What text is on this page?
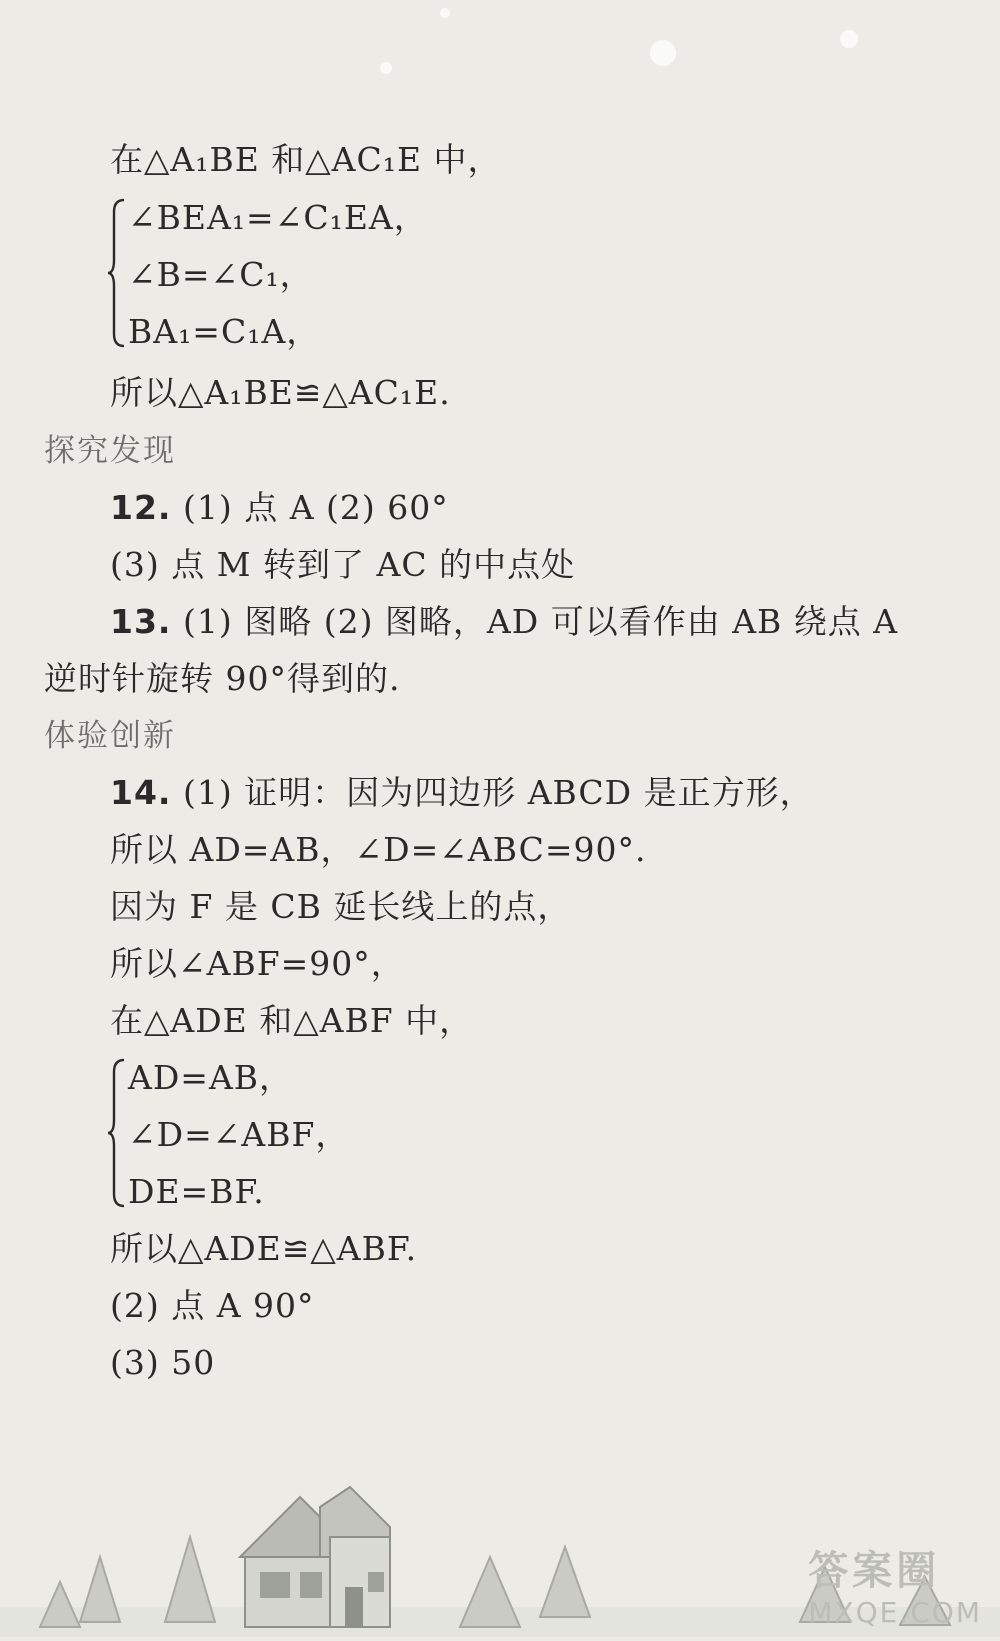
在△A₁BE 和△AC₁E 中，
∠BEA₁=∠C₁EA，
∠B=∠C₁，
BA₁=C₁A，
所以△A₁BE≌△AC₁E.
探究发现
12. (1) 点 A (2) 60°
(3) 点 M 转到了 AC 的中点处
13. (1) 图略 (2) 图略，AD 可以看作由 AB 绕点 A
逆时针旋转 90°得到的.
体验创新
14. (1) 证明：因为四边形 ABCD 是正方形，
所以 AD=AB，∠D=∠ABC=90°.
因为 F 是 CB 延长线上的点，
所以∠ABF=90°，
在△ADE 和△ABF 中，
AD=AB，
∠D=∠ABF，
DE=BF.
所以△ADE≌△ABF.
(2) 点 A 90°
(3) 50
答案圈
MXQE.COM
